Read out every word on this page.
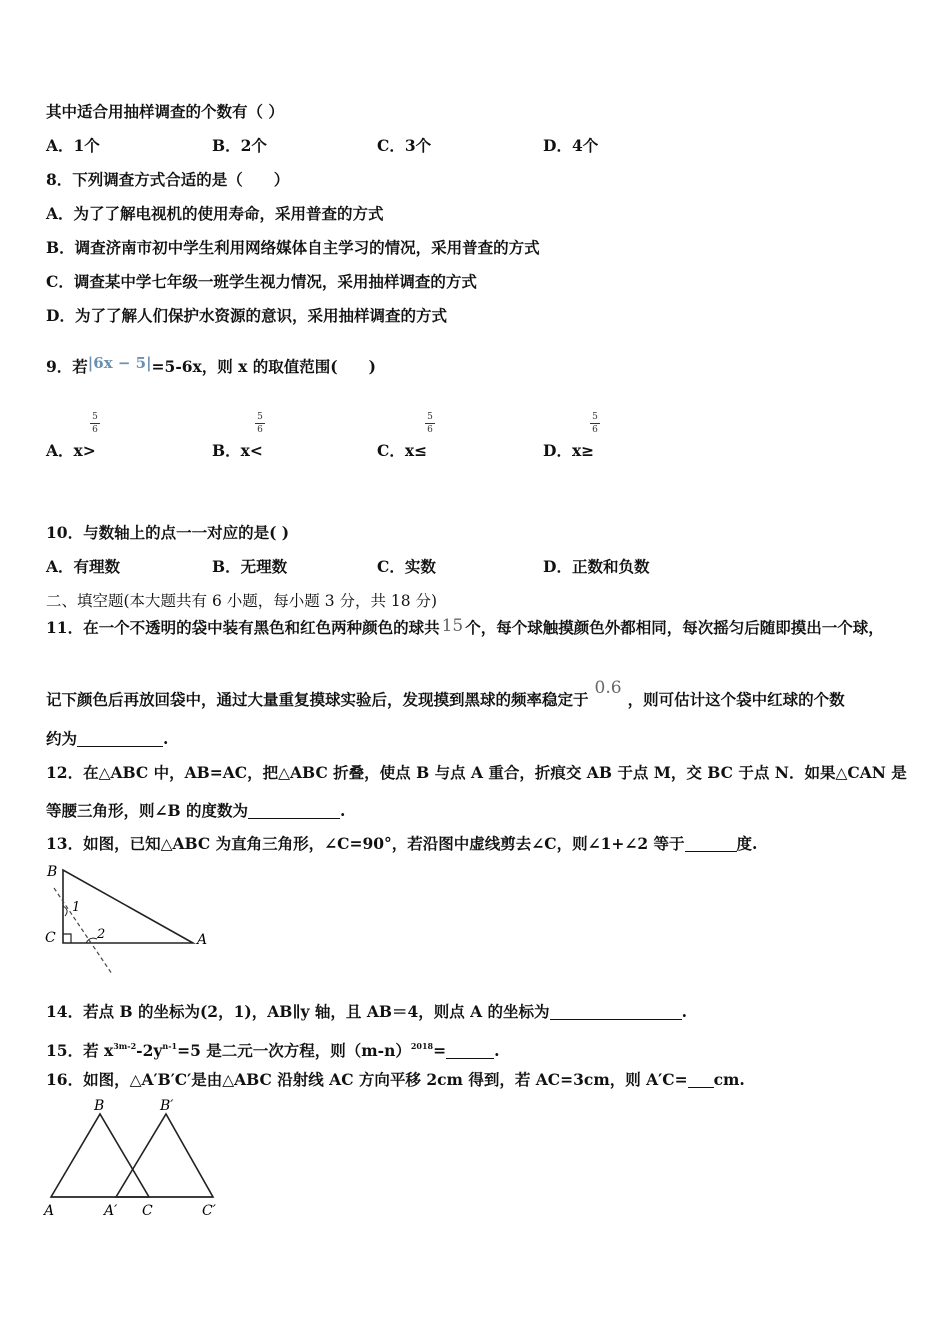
其中适合用抽样调查的个数有（ ）
A．1个	B．2个	C．3个	D．4个
8．下列调查方式合适的是（　　）
A．为了了解电视机的使用寿命，采用普查的方式
B．调查济南市初中学生利用网络媒体自主学习的情况，采用普查的方式
C．调查某中学七年级一班学生视力情况，采用抽样调查的方式
D．为了了解人们保护水资源的意识，采用抽样调查的方式
9．若|6x − 5|=5-6x，则 x 的取值范围(　　)
A．x>
5
6
B．x<
5
6
C．x≤
5
6
D．x≥
5
6
10．与数轴上的点一一对应的是( )
A．有理数	B．无理数	C．实数	D．正数和负数
二、填空题(本大题共有 6 小题，每小题 3 分，共 18 分)
11．在一个不透明的袋中装有黑色和红色两种颜色的球共 15 个，每个球触摸颜色外都相同，每次摇匀后随即摸出一个球，
记下颜色后再放回袋中，通过大量重复摸球实验后，发现摸到黑球的频率稳定于0.6，则可估计这个袋中红球的个数
约为	.
12．在△ABC 中，AB=AC，把△ABC 折叠，使点 B 与点 A 重合，折痕交 AB 于点 M，交 BC 于点 N．如果△CAN 是
等腰三角形，则∠B 的度数为	.
13．如图，已知△ABC 为直角三角形，∠C=90°，若沿图中虚线剪去∠C，则∠1+∠2 等于	度.
B
1
C	2	A
14．若点 B 的坐标为(2，1)，AB∥y 轴，且 AB＝4，则点 A 的坐标为	.
15．若 $x^{3m-2}-2y^{n-1}=5$ 是二元一次方程，则$(m-n)^{2018}=$	.
16．如图，△A′B′C′是由△ABC 沿射线 AC 方向平移 2cm 得到，若 AC=3cm，则 A′C= cm.
B	B′
A	A′ C	C′
